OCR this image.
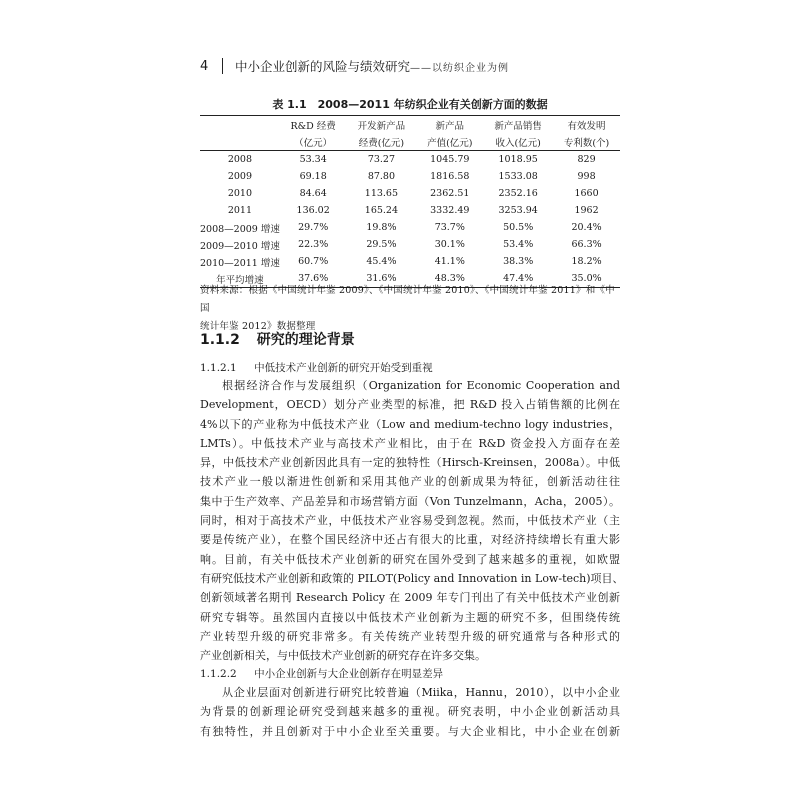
4	中小企业创新的风险与绩效研究 ——以纺织企业为例
表 1.1　2008—2011 年纺织企业有关创新方面的数据
	R&D 经费	开发新产品	新产品	新产品销售	有效发明
	（亿元）	经费(亿元)	产值(亿元)	收入(亿元)	专利数(个)
2008	53.34	73.27	1045.79	1018.95	829
2009	69.18	87.80	1816.58	1533.08	998
2010	84.64	113.65	2362.51	2352.16	1660
2011	136.02	165.24	3332.49	3253.94	1962
2008—2009 增速	29.7%	19.8%	73.7%	50.5%	20.4%
2009—2010 增速	22.3%	29.5%	30.1%	53.4%	66.3%
2010—2011 增速	60.7%	45.4%	41.1%	38.3%	18.2%
年平均增速	37.6%	31.6%	48.3%	47.4%	35.0%
资料来源：根据《中国统计年鉴 2009》、《中国统计年鉴 2010》、《中国统计年鉴 2011》和《中国
统计年鉴 2012》数据整理
1.1.2 研究的理论背景
1.1.2.1 中低技术产业创新的研究开始受到重视

根据经济合作与发展组织（Organization for Economic Cooperation and
Development，OECD）划分产业类型的标准，把 R&D 投入占销售额的比例在
4%以下的产业称为中低技术产业（Low and medium-techno logy industries，
LMTs）。中低技术产业与高技术产业相比，由于在 R&D 资金投入方面存在差
异，中低技术产业创新因此具有一定的独特性（Hirsch-Kreinsen，2008a）。中低
技术产业一般以渐进性创新和采用其他产业的创新成果为特征，创新活动往往
集中于生产效率、产品差异和市场营销方面（Von Tunzelmann，Acha，2005）。
同时，相对于高技术产业，中低技术产业容易受到忽视。然而，中低技术产业（主
要是传统产业），在整个国民经济中还占有很大的比重，对经济持续增长有重大影
响。目前，有关中低技术产业创新的研究在国外受到了越来越多的重视，如欧盟
有研究低技术产业创新和政策的 PILOT(Policy and Innovation in Low-tech)项目、
创新领域著名期刊 Research Policy 在 2009 年专门刊出了有关中低技术产业创新
研究专辑等。虽然国内直接以中低技术产业创新为主题的研究不多，但围绕传统
产业转型升级的研究非常多。有关传统产业转型升级的研究通常与各种形式的
产业创新相关，与中低技术产业创新的研究存在许多交集。

1.1.2.2 中小企业创新与大企业创新存在明显差异

从企业层面对创新进行研究比较普遍（Miika，Hannu，2010），以中小企业
为背景的创新理论研究受到越来越多的重视。研究表明，中小企业创新活动具
有独特性，并且创新对于中小企业至关重要。与大企业相比，中小企业在创新
